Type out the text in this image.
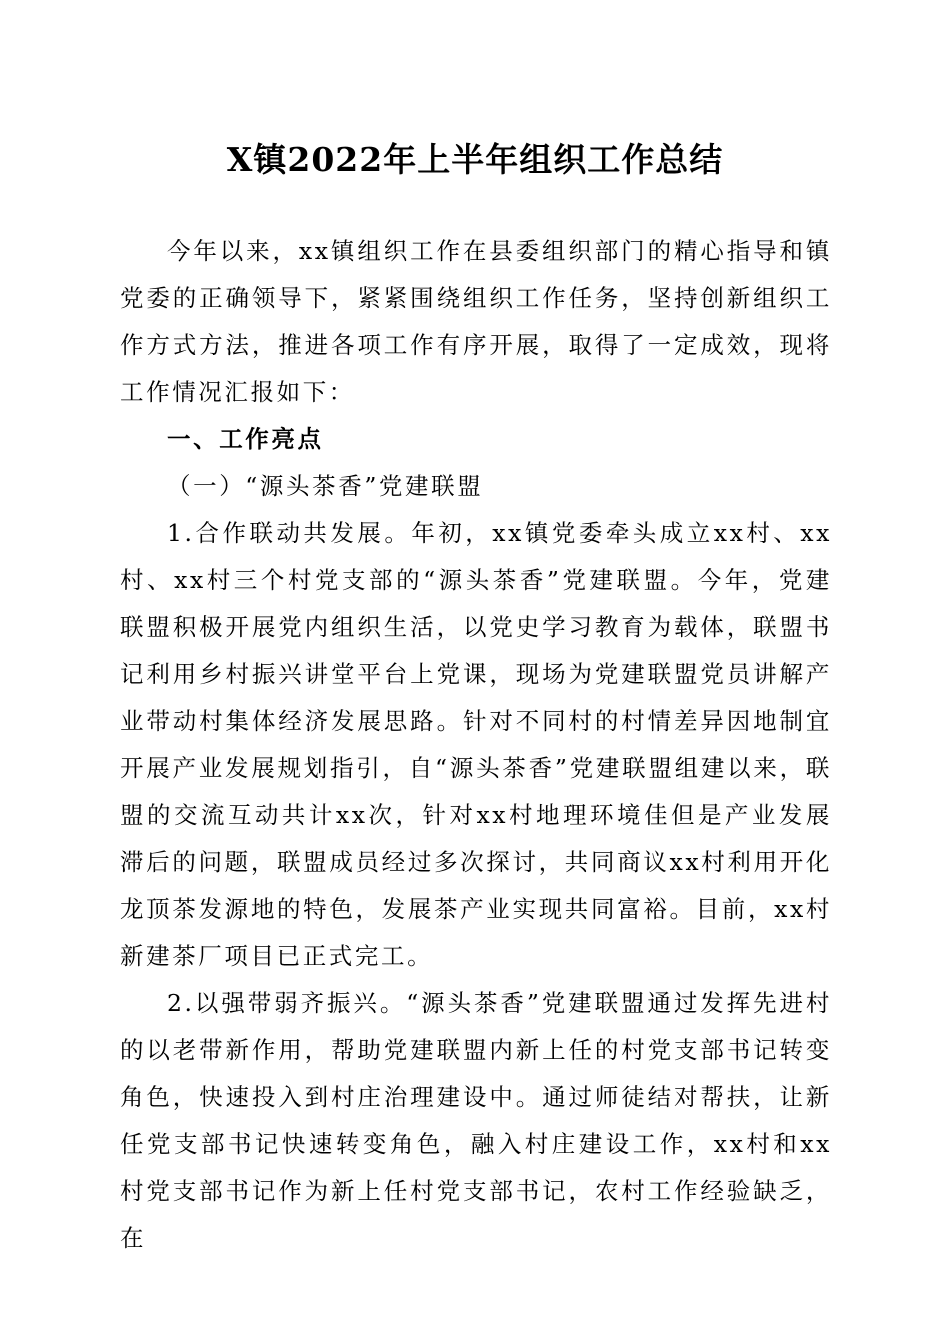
X镇2022年上半年组织工作总结

今年以来，xx镇组织工作在县委组织部门的精心指导和镇党委的正确领导下，紧紧围绕组织工作任务，坚持创新组织工作方式方法，推进各项工作有序开展，取得了一定成效，现将工作情况汇报如下：

一、工作亮点

（一）“源头茶香”党建联盟

1.合作联动共发展。年初，xx镇党委牵头成立xx村、xx村、xx村三个村党支部的“源头茶香”党建联盟。今年，党建联盟积极开展党内组织生活，以党史学习教育为载体，联盟书记利用乡村振兴讲堂平台上党课，现场为党建联盟党员讲解产业带动村集体经济发展思路。针对不同村的村情差异因地制宜开展产业发展规划指引，自“源头茶香”党建联盟组建以来，联盟的交流互动共计xx次，针对xx村地理环境佳但是产业发展滞后的问题，联盟成员经过多次探讨，共同商议xx村利用开化龙顶茶发源地的特色，发展茶产业实现共同富裕。目前，xx村新建茶厂项目已正式完工。

2.以强带弱齐振兴。“源头茶香”党建联盟通过发挥先进村的以老带新作用，帮助党建联盟内新上任的村党支部书记转变角色，快速投入到村庄治理建设中。通过师徒结对帮扶，让新任党支部书记快速转变角色，融入村庄建设工作，xx村和xx村党支部书记作为新上任村党支部书记，农村工作经验缺乏，在
